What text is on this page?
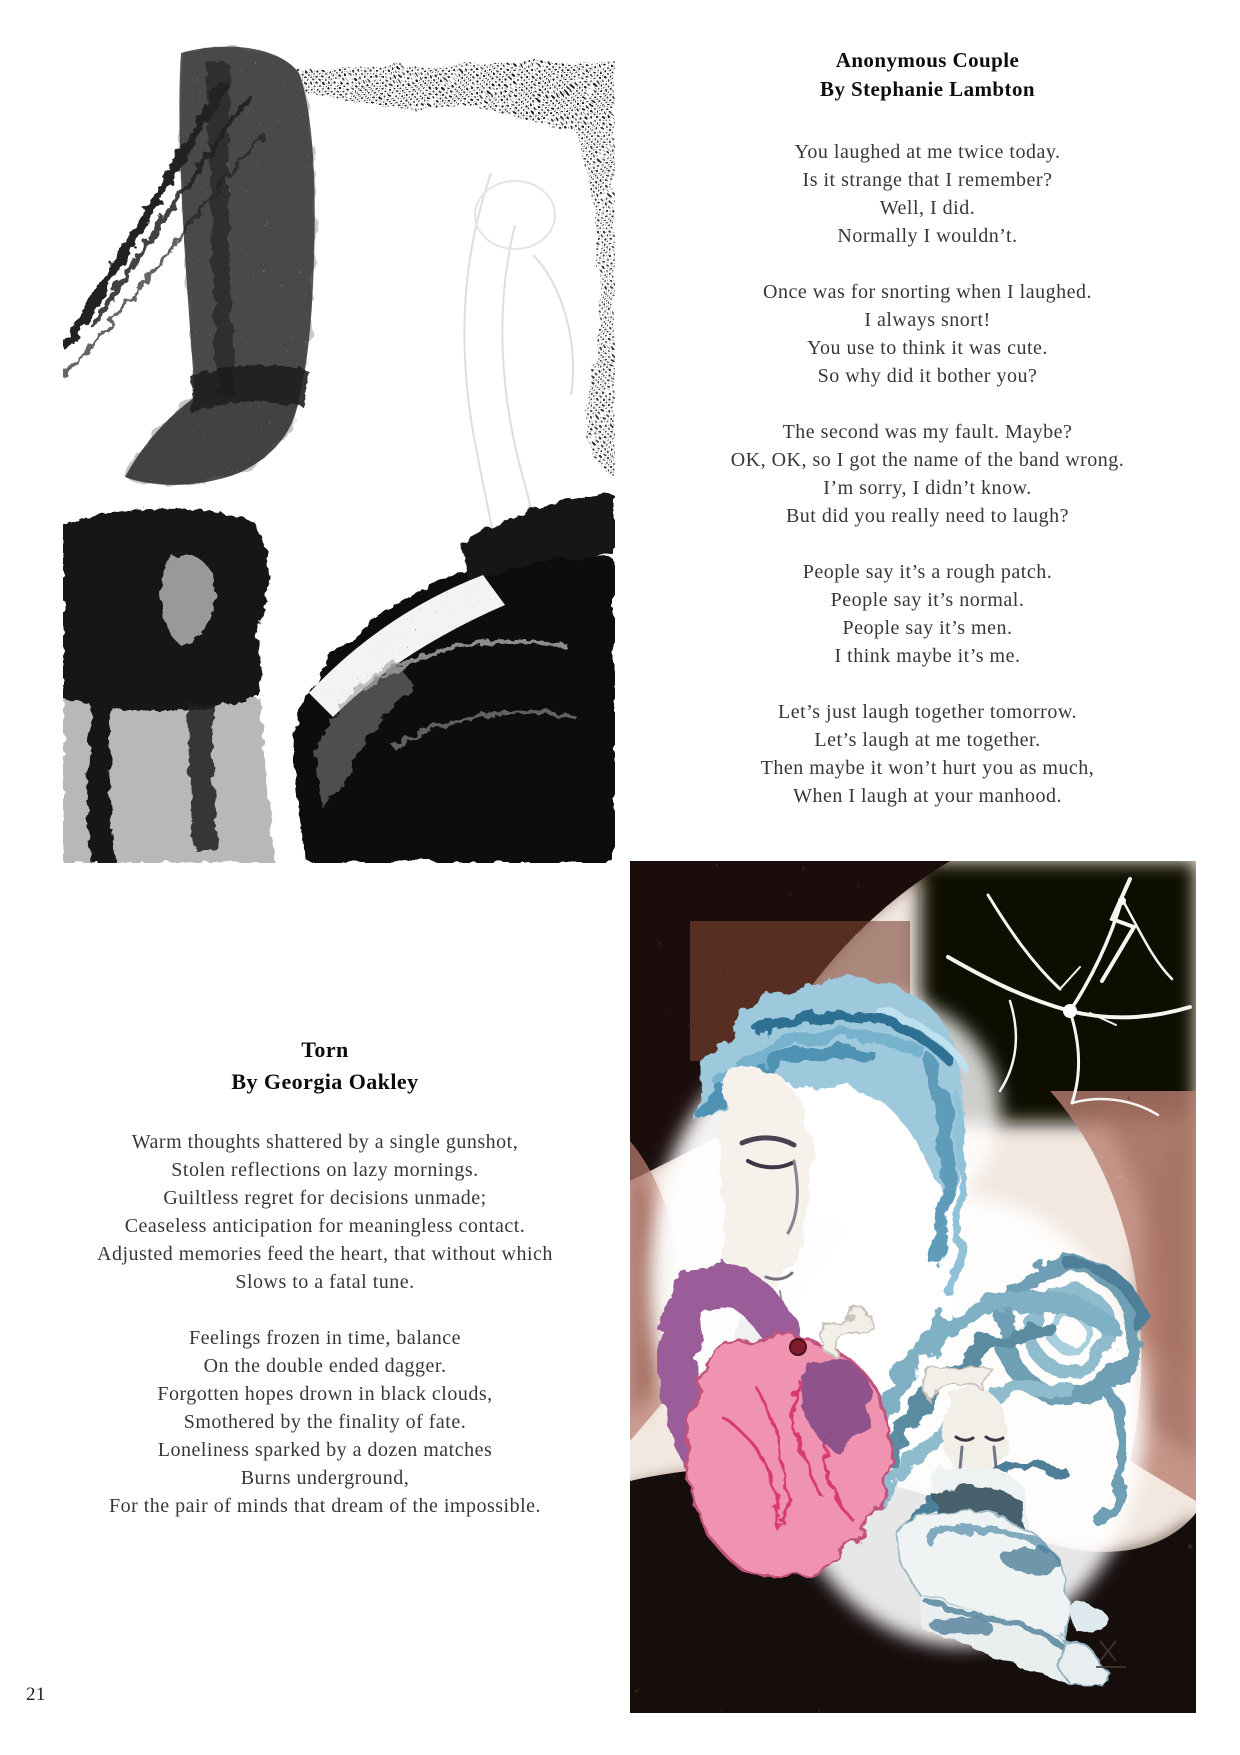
Anonymous Couple
By Stephanie Lambton
You laughed at me twice today.
Is it strange that I remember?
Well, I did.
Normally I wouldn’t.
Once was for snorting when I laughed.
I always snort!
You use to think it was cute.
So why did it bother you?
The second was my fault. Maybe?
OK, OK, so I got the name of the band wrong.
I’m sorry, I didn’t know.
But did you really need to laugh?
People say it’s a rough patch.
People say it’s normal.
People say it’s men.
I think maybe it’s me.
Let’s just laugh together tomorrow.
Let’s laugh at me together.
Then maybe it won’t hurt you as much,
When I laugh at your manhood.
Torn
By Georgia Oakley
Warm thoughts shattered by a single gunshot,
Stolen reflections on lazy mornings.
Guiltless regret for decisions unmade;
Ceaseless anticipation for meaningless contact.
Adjusted memories feed the heart, that without which
Slows to a fatal tune.
Feelings frozen in time, balance
On the double ended dagger.
Forgotten hopes drown in black clouds,
Smothered by the finality of fate.
Loneliness sparked by a dozen matches
Burns underground,
For the pair of minds that dream of the impossible.
21
